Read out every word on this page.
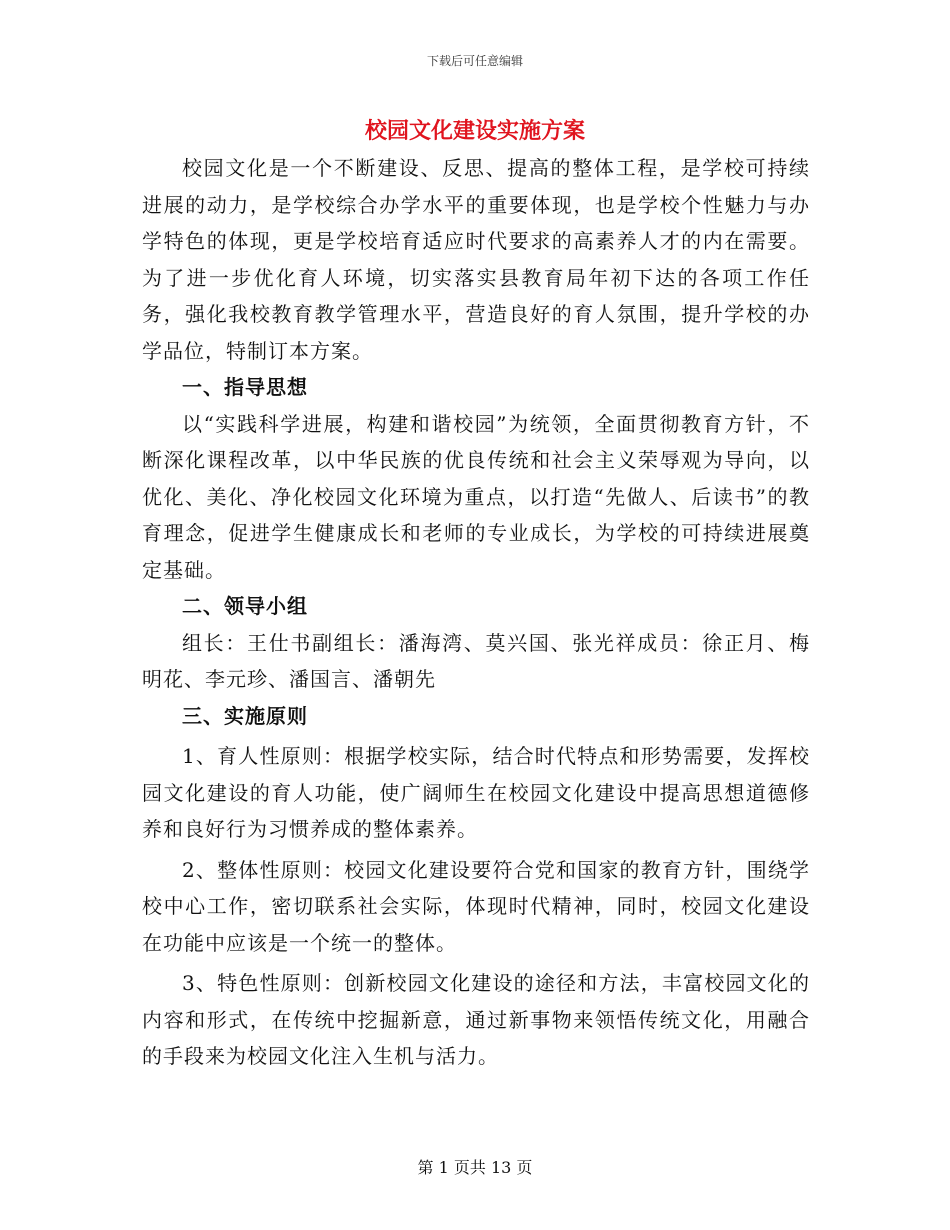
下载后可任意编辑
校园文化建设实施方案

校园文化是一个不断建设、反思、提高的整体工程，是学校可持续进展的动力，是学校综合办学水平的重要体现，也是学校个性魅力与办学特色的体现，更是学校培育适应时代要求的高素养人才的内在需要。为了进一步优化育人环境，切实落实县教育局年初下达的各项工作任务，强化我校教育教学管理水平，营造良好的育人氛围，提升学校的办学品位，特制订本方案。

一、指导思想

以“实践科学进展，构建和谐校园”为统领，全面贯彻教育方针，不断深化课程改革，以中华民族的优良传统和社会主义荣辱观为导向，以优化、美化、净化校园文化环境为重点，以打造“先做人、后读书”的教育理念，促进学生健康成长和老师的专业成长，为学校的可持续进展奠定基础。

二、领导小组

组长：王仕书副组长：潘海湾、莫兴国、张光祥成员：徐正月、梅明花、李元珍、潘国言、潘朝先

三、实施原则

1、育人性原则：根据学校实际，结合时代特点和形势需要，发挥校园文化建设的育人功能，使广阔师生在校园文化建设中提高思想道德修养和良好行为习惯养成的整体素养。

2、整体性原则：校园文化建设要符合党和国家的教育方针，围绕学校中心工作，密切联系社会实际，体现时代精神，同时，校园文化建设在功能中应该是一个统一的整体。

3、特色性原则：创新校园文化建设的途径和方法，丰富校园文化的内容和形式，在传统中挖掘新意，通过新事物来领悟传统文化，用融合的手段来为校园文化注入生机与活力。

第 1 页共 13 页
